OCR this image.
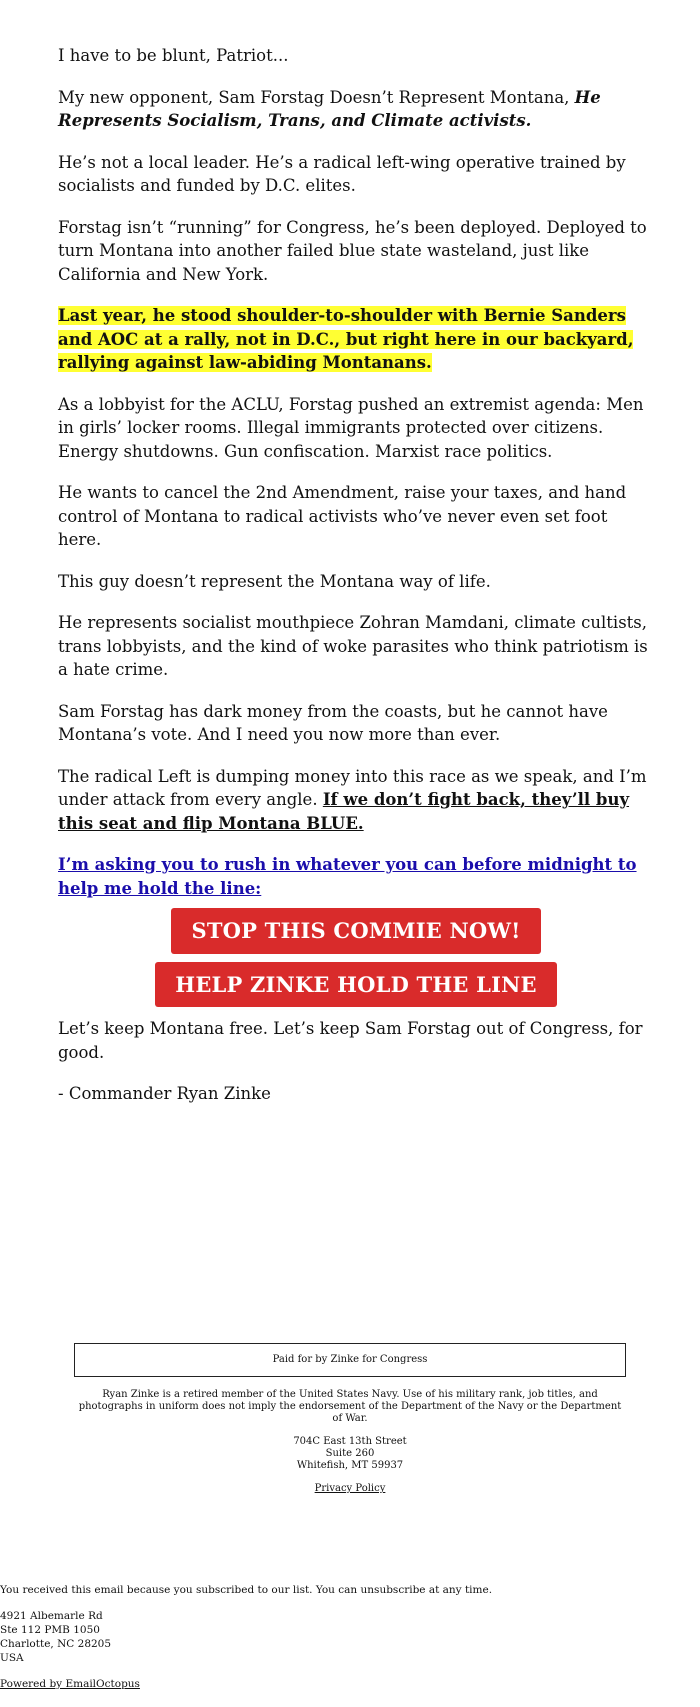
I have to be blunt, Patriot...

My new opponent, Sam Forstag Doesn’t Represent Montana, He Represents Socialism, Trans, and Climate activists.

He’s not a local leader. He’s a radical left-wing operative trained by socialists and funded by D.C. elites.

Forstag isn’t “running” for Congress, he’s been deployed. Deployed to turn Montana into another failed blue state wasteland, just like California and New York.

Last year, he stood shoulder-to-shoulder with Bernie Sanders and AOC at a rally, not in D.C., but right here in our backyard, rallying against law-abiding Montanans.

As a lobbyist for the ACLU, Forstag pushed an extremist agenda: Men in girls’ locker rooms. Illegal immigrants protected over citizens. Energy shutdowns. Gun confiscation. Marxist race politics.

He wants to cancel the 2nd Amendment, raise your taxes, and hand control of Montana to radical activists who’ve never even set foot here.

This guy doesn’t represent the Montana way of life.

He represents socialist mouthpiece Zohran Mamdani, climate cultists, trans lobbyists, and the kind of woke parasites who think patriotism is a hate crime.

Sam Forstag has dark money from the coasts, but he cannot have Montana’s vote. And I need you now more than ever.

The radical Left is dumping money into this race as we speak, and I’m under attack from every angle. If we don’t fight back, they’ll buy this seat and flip Montana BLUE.

I’m asking you to rush in whatever you can before midnight to help me hold the line:

STOP THIS COMMIE NOW!
HELP ZINKE HOLD THE LINE

Let’s keep Montana free. Let’s keep Sam Forstag out of Congress, for good.

- Commander Ryan Zinke

Paid for by Zinke for Congress

Ryan Zinke is a retired member of the United States Navy. Use of his military rank, job titles, and photographs in uniform does not imply the endorsement of the Department of the Navy or the Department of War.

704C East 13th Street
Suite 260
Whitefish, MT 59937

Privacy Policy

You received this email because you subscribed to our list. You can unsubscribe at any time.

4921 Albemarle Rd
Ste 112 PMB 1050
Charlotte, NC 28205
USA

Powered by EmailOctopus
